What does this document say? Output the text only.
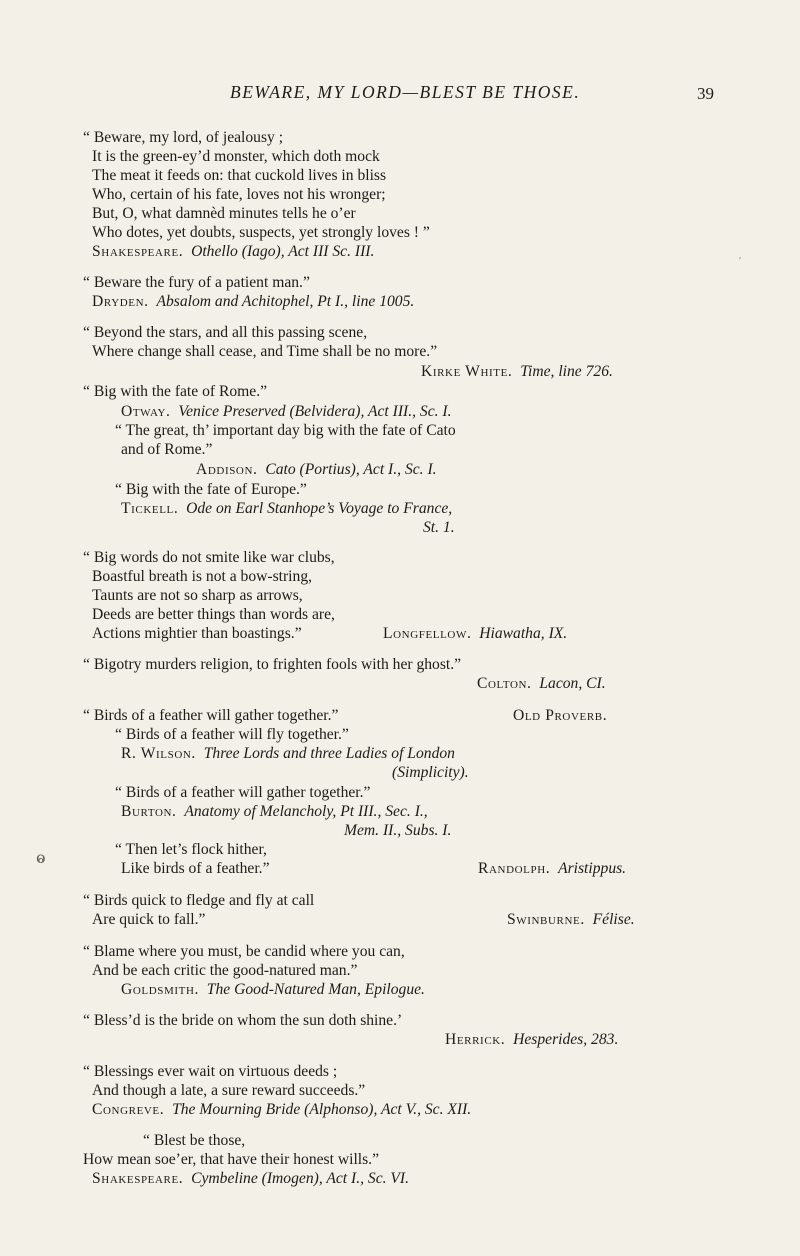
BEWARE, MY LORD—BLEST BE THOSE.	39
ⱺ
′
“ Beware, my lord, of jealousy ;
It is the green-ey’d monster, which doth mock
The meat it feeds on: that cuckold lives in bliss
Who, certain of his fate, loves not his wronger;
But, O, what damnèd minutes tells he o’er
Who dotes, yet doubts, suspects, yet strongly loves ! ”
Shakespeare. Othello (Iago), Act III Sc. III.
“ Beware the fury of a patient man.”
Dryden. Absalom and Achitophel, Pt I., line 1005.
“ Beyond the stars, and all this passing scene,
Where change shall cease, and Time shall be no more.”
Kirke White. Time, line 726.
“ Big with the fate of Rome.”
Otway. Venice Preserved (Belvidera), Act III., Sc. I.
“ The great, th’ important day big with the fate of Cato
and of Rome.”
Addison. Cato (Portius), Act I., Sc. I.
“ Big with the fate of Europe.”
Tickell. Ode on Earl Stanhope’s Voyage to France,
St. 1.
“ Big words do not smite like war clubs,
Boastful breath is not a bow-string,
Taunts are not so sharp as arrows,
Deeds are better things than words are,
Actions mightier than boastings.”	Longfellow. Hiawatha, IX.
“ Bigotry murders religion, to frighten fools with her ghost.”
Colton. Lacon, CI.
“ Birds of a feather will gather together.”	Old Proverb.
“ Birds of a feather will fly together.”
R. Wilson. Three Lords and three Ladies of London
(Simplicity).
“ Birds of a feather will gather together.”
Burton. Anatomy of Melancholy, Pt III., Sec. I.,
Mem. II., Subs. I.
“ Then let’s flock hither,
Like birds of a feather.”	Randolph. Aristippus.
“ Birds quick to fledge and fly at call
Are quick to fall.”	Swinburne. Félise.
“ Blame where you must, be candid where you can,
And be each critic the good-natured man.”
Goldsmith. The Good-Natured Man, Epilogue.
“ Bless’d is the bride on whom the sun doth shine.’
Herrick. Hesperides, 283.
“ Blessings ever wait on virtuous deeds ;
And though a late, a sure reward succeeds.”
Congreve. The Mourning Bride (Alphonso), Act V., Sc. XII.
“ Blest be those,
How mean soe’er, that have their honest wills.”
Shakespeare. Cymbeline (Imogen), Act I., Sc. VI.
